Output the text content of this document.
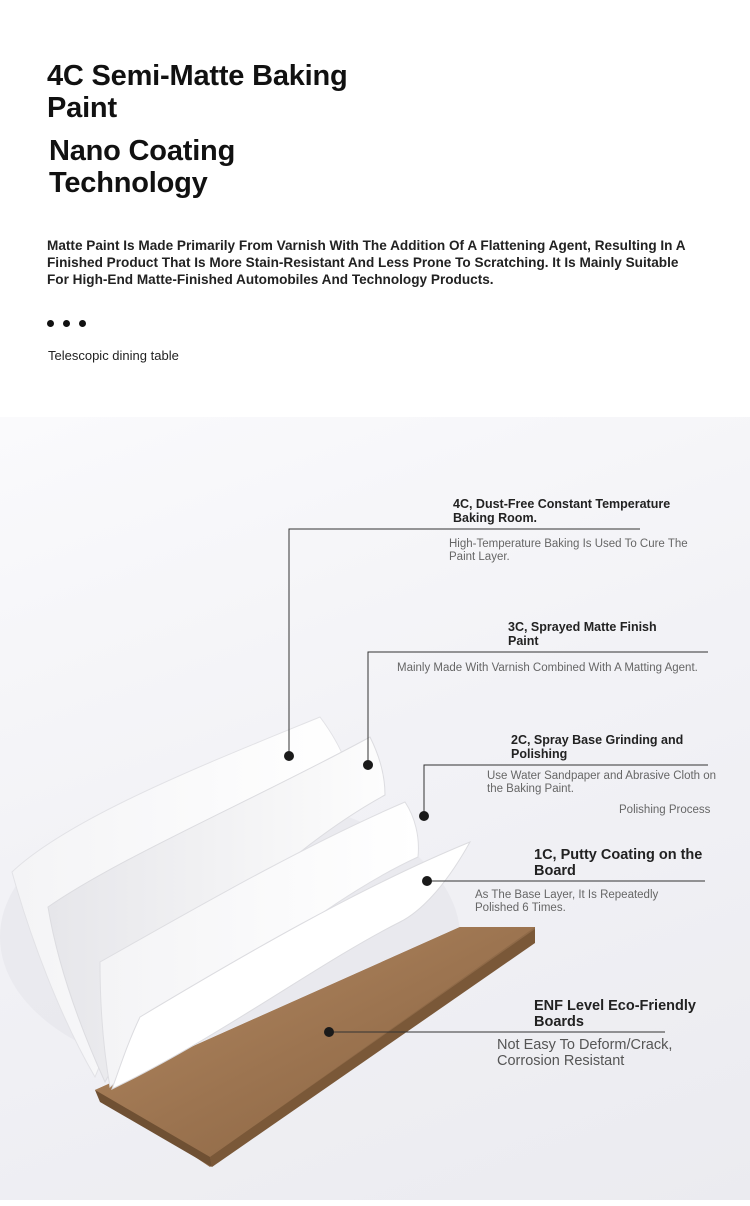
4C Semi-Matte Baking Paint
Nano Coating Technology
Matte Paint Is Made Primarily From Varnish With The Addition Of A Flattening Agent, Resulting In A Finished Product That Is More Stain-Resistant And Less Prone To Scratching. It Is Mainly Suitable For High-End Matte-Finished Automobiles And Technology Products.
Telescopic dining table
4C, Dust-Free Constant Temperature Baking Room.
High-Temperature Baking Is Used To Cure The Paint Layer.
3C, Sprayed Matte Finish Paint
Mainly Made With Varnish Combined With A Matting Agent.
2C, Spray Base Grinding and Polishing
Use Water Sandpaper and Abrasive Cloth on the Baking Paint.
Polishing Process
1C, Putty Coating on the Board
As The Base Layer, It Is Repeatedly Polished 6 Times.
ENF Level Eco-Friendly Boards
Not Easy To Deform/Crack, Corrosion Resistant
